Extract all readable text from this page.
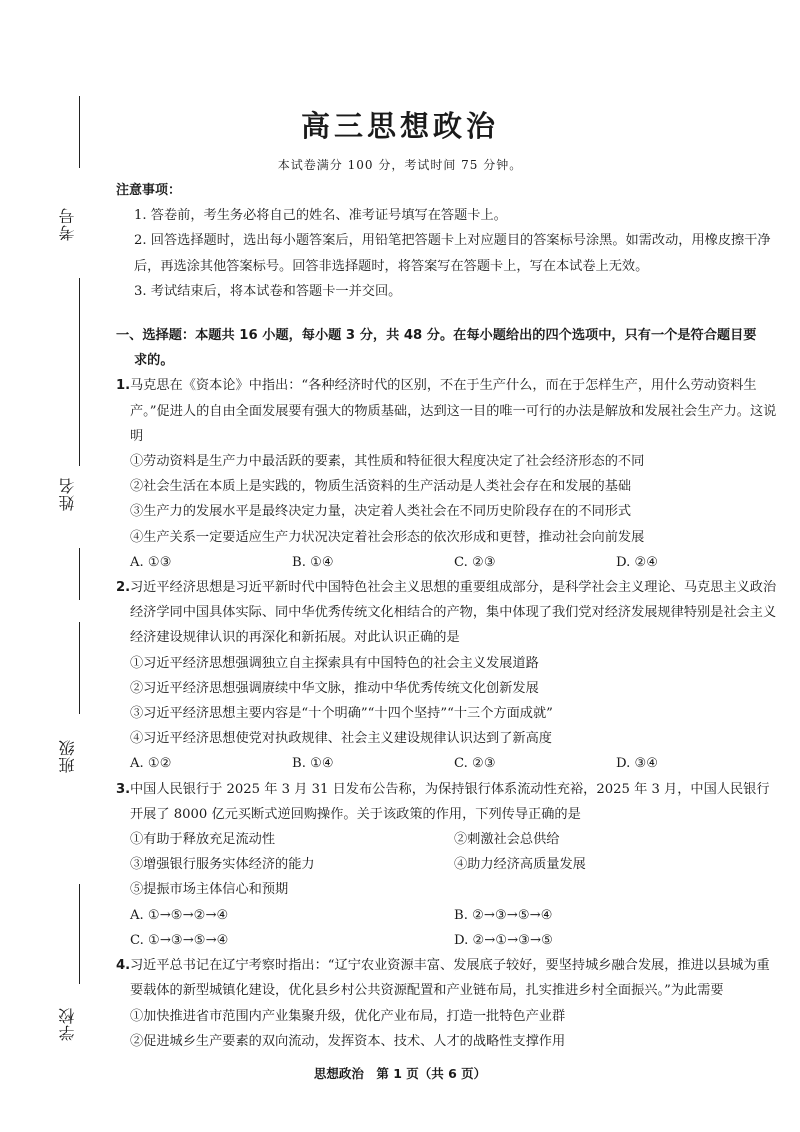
考号
姓名
班级
学校
高三思想政治
本试卷满分 100 分，考试时间 75 分钟。
注意事项：
1. 答卷前，考生务必将自己的姓名、准考证号填写在答题卡上。
2. 回答选择题时，选出每小题答案后，用铅笔把答题卡上对应题目的答案标号涂黑。如需改动，用橡皮擦干净后，再选涂其他答案标号。回答非选择题时，将答案写在答题卡上，写在本试卷上无效。
3. 考试结束后，将本试卷和答题卡一并交回。
一、选择题：本题共 16 小题，每小题 3 分，共 48 分。在每小题给出的四个选项中，只有一个是符合题目要
求的。
1. 马克思在《资本论》中指出：“各种经济时代的区别，不在于生产什么，而在于怎样生产，用什么劳动资料生产。”促进人的自由全面发展要有强大的物质基础，达到这一目的唯一可行的办法是解放和发展社会生产力。这说明
①劳动资料是生产力中最活跃的要素，其性质和特征很大程度决定了社会经济形态的不同
②社会生活在本质上是实践的，物质生活资料的生产活动是人类社会存在和发展的基础
③生产力的发展水平是最终决定力量，决定着人类社会在不同历史阶段存在的不同形式
④生产关系一定要适应生产力状况决定着社会形态的依次形成和更替，推动社会向前发展
A. ①③	B. ①④	C. ②③	D. ②④
2. 习近平经济思想是习近平新时代中国特色社会主义思想的重要组成部分，是科学社会主义理论、马克思主义政治经济学同中国具体实际、同中华优秀传统文化相结合的产物，集中体现了我们党对经济发展规律特别是社会主义经济建设规律认识的再深化和新拓展。对此认识正确的是
①习近平经济思想强调独立自主探索具有中国特色的社会主义发展道路
②习近平经济思想强调赓续中华文脉，推动中华优秀传统文化创新发展
③习近平经济思想主要内容是“十个明确”“十四个坚持”“十三个方面成就”
④习近平经济思想使党对执政规律、社会主义建设规律认识达到了新高度
A. ①②	B. ①④	C. ②③	D. ③④
3. 中国人民银行于 2025 年 3 月 31 日发布公告称，为保持银行体系流动性充裕，2025 年 3 月，中国人民银行开展了 8000 亿元买断式逆回购操作。关于该政策的作用，下列传导正确的是
①有助于释放充足流动性	②刺激社会总供给
③增强银行服务实体经济的能力	④助力经济高质量发展
⑤提振市场主体信心和预期
A. ①→⑤→②→④	B. ②→③→⑤→④
C. ①→③→⑤→④	D. ②→①→③→⑤
4. 习近平总书记在辽宁考察时指出：“辽宁农业资源丰富、发展底子较好，要坚持城乡融合发展，推进以县城为重要载体的新型城镇化建设，优化县乡村公共资源配置和产业链布局，扎实推进乡村全面振兴。”为此需要
①加快推进省市范围内产业集聚升级，优化产业布局，打造一批特色产业群
②促进城乡生产要素的双向流动，发挥资本、技术、人才的战略性支撑作用
思想政治　第 1 页（共 6 页）
